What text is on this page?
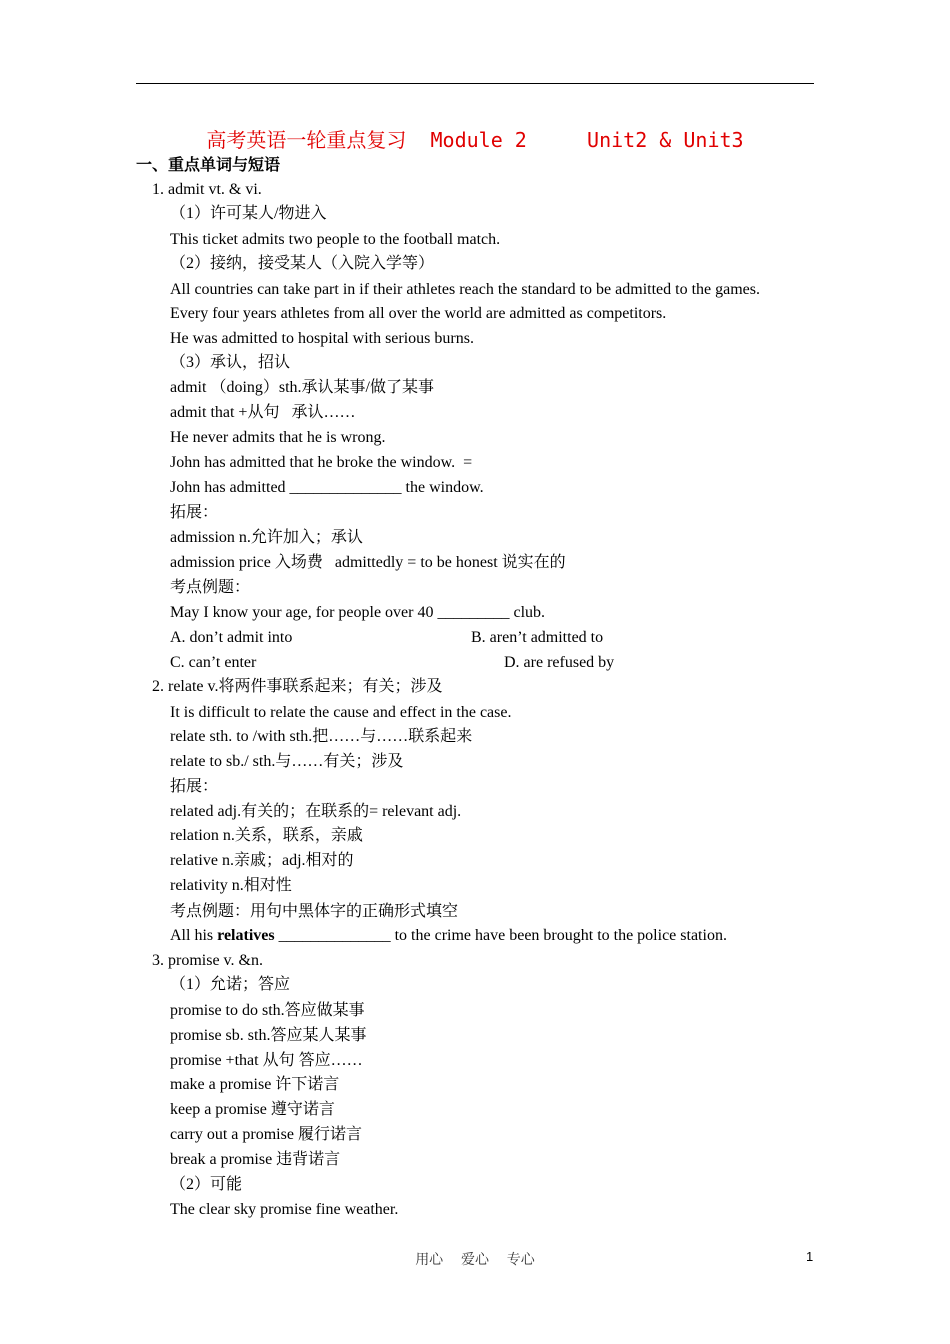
高考英语一轮重点复习  Module 2     Unit2 & Unit3
一、重点单词与短语
1. admit vt. & vi.
（1）许可某人/物进入
This ticket admits two people to the football match.
（2）接纳，接受某人（入院入学等）
All countries can take part in if their athletes reach the standard to be admitted to the games.
Every four years athletes from all over the world are admitted as competitors.
He was admitted to hospital with serious burns.
（3）承认，招认
admit （doing）sth.承认某事/做了某事
admit that +从句   承认……
He never admits that he is wrong.
John has admitted that he broke the window.  =
John has admitted ______________ the window.
拓展：
admission n.允许加入；承认
admission price 入场费   admittedly = to be honest 说实在的
考点例题：
May I know your age, for people over 40 _________ club.
2. relate v.将两件事联系起来；有关；涉及
It is difficult to relate the cause and effect in the case.
relate sth. to /with sth.把……与……联系起来
relate to sb./ sth.与……有关；涉及
拓展：
related adj.有关的；在联系的= relevant adj.
relation n.关系，联系，亲戚
relative n.亲戚；adj.相对的
relativity n.相对性
考点例题：用句中黑体字的正确形式填空
3. promise v. &n.
（1）允诺；答应
promise to do sth.答应做某事
promise sb. sth.答应某人某事
promise +that 从句 答应……
make a promise 许下诺言
keep a promise 遵守诺言
carry out a promise 履行诺言
break a promise 违背诺言
（2）可能
The clear sky promise fine weather.
A. don’t admit into	B. aren’t admitted to
C. can’t enter	D. are refused by
All his relatives ______________ to the crime have been brought to the police station.
用心    爱心    专心	1
